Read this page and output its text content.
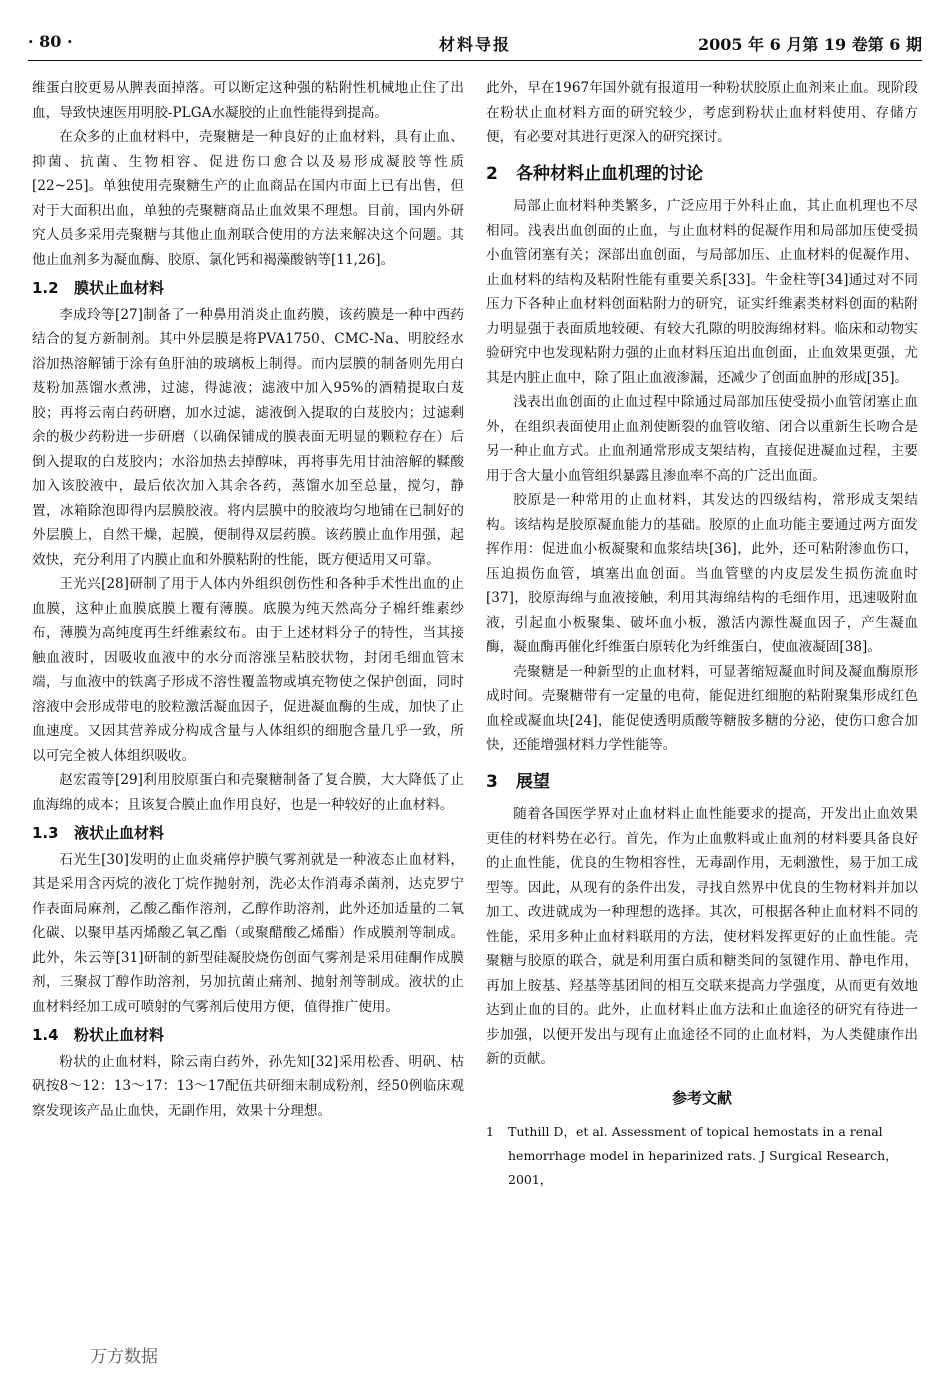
· 80 ·	材料导报	2005 年 6 月第 19 卷第 6 期

维蛋白胶更易从脾表面掉落。可以断定这种强的粘附性机械地止住了出血，导致快速医用明胶-PLGA水凝胶的止血性能得到提高。

在众多的止血材料中，壳聚糖是一种良好的止血材料，具有止血、抑菌、抗菌、生物相容、促进伤口愈合以及易形成凝胶等性质[22~25]。单独使用壳聚糖生产的止血商品在国内市面上已有出售，但对于大面积出血，单独的壳聚糖商品止血效果不理想。目前，国内外研究人员多采用壳聚糖与其他止血剂联合使用的方法来解决这个问题。其他止血剂多为凝血酶、胶原、氯化钙和褐藻酸钠等[11,26]。

1.2 膜状止血材料

李成玲等[27]制备了一种鼻用消炎止血药膜，该药膜是一种中西药结合的复方新制剂。其中外层膜是将PVA1750、CMC-Na、明胶经水浴加热溶解铺于涂有鱼肝油的玻璃板上制得。而内层膜的制备则先用白芨粉加蒸馏水煮沸，过滤，得滤液；滤液中加入95%的酒精提取白芨胶；再将云南白药研磨，加水过滤，滤液倒入提取的白芨胶内；过滤剩余的极少药粉进一步研磨（以确保铺成的膜表面无明显的颗粒存在）后倒入提取的白芨胶内；水浴加热去掉醇味，再将事先用甘油溶解的鞣酸加入该胶液中，最后依次加入其余各药，蒸馏水加至总量，搅匀，静置，冰箱除泡即得内层膜胶液。将内层膜中的胶液均匀地铺在已制好的外层膜上，自然干燥，起膜，便制得双层药膜。该药膜止血作用强，起效快，充分利用了内膜止血和外膜粘附的性能，既方便适用又可靠。

王光兴[28]研制了用于人体内外组织创伤性和各种手术性出血的止血膜，这种止血膜底膜上覆有薄膜。底膜为纯天然高分子棉纤维素纱布，薄膜为高纯度再生纤维素纹布。由于上述材料分子的特性，当其接触血液时，因吸收血液中的水分而溶涨呈粘胶状物，封闭毛细血管末端，与血液中的铁离子形成不溶性覆盖物或填充物使之保护创面，同时溶液中会形成带电的胶粒激活凝血因子，促进凝血酶的生成，加快了止血速度。又因其营养成分构成含量与人体组织的细胞含量几乎一致，所以可完全被人体组织吸收。

赵宏霞等[29]利用胶原蛋白和壳聚糖制备了复合膜，大大降低了止血海绵的成本；且该复合膜止血作用良好，也是一种较好的止血材料。

1.3 液状止血材料

石光生[30]发明的止血炎痛停护膜气雾剂就是一种液态止血材料，其是采用含丙烷的液化丁烷作抛射剂，洗必太作消毒杀菌剂，达克罗宁作表面局麻剂，乙酸乙酯作溶剂，乙醇作助溶剂，此外还加适量的二氧化碳、以聚甲基丙烯酸乙氧乙酯（或聚醋酸乙烯酯）作成膜剂等制成。此外，朱云等[31]研制的新型硅凝胶烧伤创面气雾剂是采用硅酮作成膜剂，三聚叔丁醇作助溶剂，另加抗菌止痛剂、抛射剂等制成。液状的止血材料经加工成可喷射的气雾剂后使用方便，值得推广使用。

1.4 粉状止血材料

粉状的止血材料，除云南白药外，孙先知[32]采用松香、明矾、枯矾按8～12：13～17：13～17配伍共研细末制成粉剂，经50例临床观察发现该产品止血快，无副作用，效果十分理想。

此外，早在1967年国外就有报道用一种粉状胶原止血剂来止血。现阶段在粉状止血材料方面的研究较少，考虑到粉状止血材料使用、存储方便，有必要对其进行更深入的研究探讨。

2 各种材料止血机理的讨论

局部止血材料种类繁多，广泛应用于外科止血，其止血机理也不尽相同。浅表出血创面的止血，与止血材料的促凝作用和局部加压使受损小血管闭塞有关；深部出血创面，与局部加压、止血材料的促凝作用、止血材料的结构及粘附性能有重要关系[33]。牛金柱等[34]通过对不同压力下各种止血材料创面粘附力的研究，证实纤维素类材料创面的粘附力明显强于表面质地较硬、有较大孔隙的明胶海绵材料。临床和动物实验研究中也发现粘附力强的止血材料压迫出血创面，止血效果更强，尤其是内脏止血中，除了阻止血液渗漏，还减少了创面血肿的形成[35]。

浅表出血创面的止血过程中除通过局部加压使受损小血管闭塞止血外，在组织表面使用止血剂使断裂的血管收缩、闭合以重新生长吻合是另一种止血方式。止血剂通常形成支架结构，直接促进凝血过程，主要用于含大量小血管组织暴露且渗血率不高的广泛出血面。

胶原是一种常用的止血材料，其发达的四级结构，常形成支架结构。该结构是胶原凝血能力的基础。胶原的止血功能主要通过两方面发挥作用：促进血小板凝聚和血浆结块[36]，此外，还可粘附渗血伤口，压迫损伤血管，填塞出血创面。当血管壁的内皮层发生损伤流血时[37]，胶原海绵与血液接触，利用其海绵结构的毛细作用，迅速吸附血液，引起血小板聚集、破坏血小板，激活内源性凝血因子，产生凝血酶，凝血酶再催化纤维蛋白原转化为纤维蛋白，使血液凝固[38]。

壳聚糖是一种新型的止血材料，可显著缩短凝血时间及凝血酶原形成时间。壳聚糖带有一定量的电荷，能促进红细胞的粘附聚集形成红色血栓或凝血块[24]，能促使透明质酸等糖胺多糖的分泌，使伤口愈合加快，还能增强材料力学性能等。

3 展望

随着各国医学界对止血材料止血性能要求的提高，开发出止血效果更佳的材料势在必行。首先，作为止血敷料或止血剂的材料要具备良好的止血性能，优良的生物相容性，无毒副作用，无刺激性，易于加工成型等。因此，从现有的条件出发，寻找自然界中优良的生物材料并加以加工、改进就成为一种理想的选择。其次，可根据各种止血材料不同的性能，采用多种止血材料联用的方法，使材料发挥更好的止血性能。壳聚糖与胶原的联合，就是利用蛋白质和糖类间的氢键作用、静电作用，再加上胺基、羟基等基团间的相互交联来提高力学强度，从而更有效地达到止血的目的。此外，止血材料止血方法和止血途径的研究有待进一步加强，以便开发出与现有止血途径不同的止血材料，为人类健康作出新的贡献。

参考文献
1	Tuthill D，et al. Assessment of topical hemostats in a renal hemorrhage model in heparinized rats. J Surgical Research，2001，
万方数据
